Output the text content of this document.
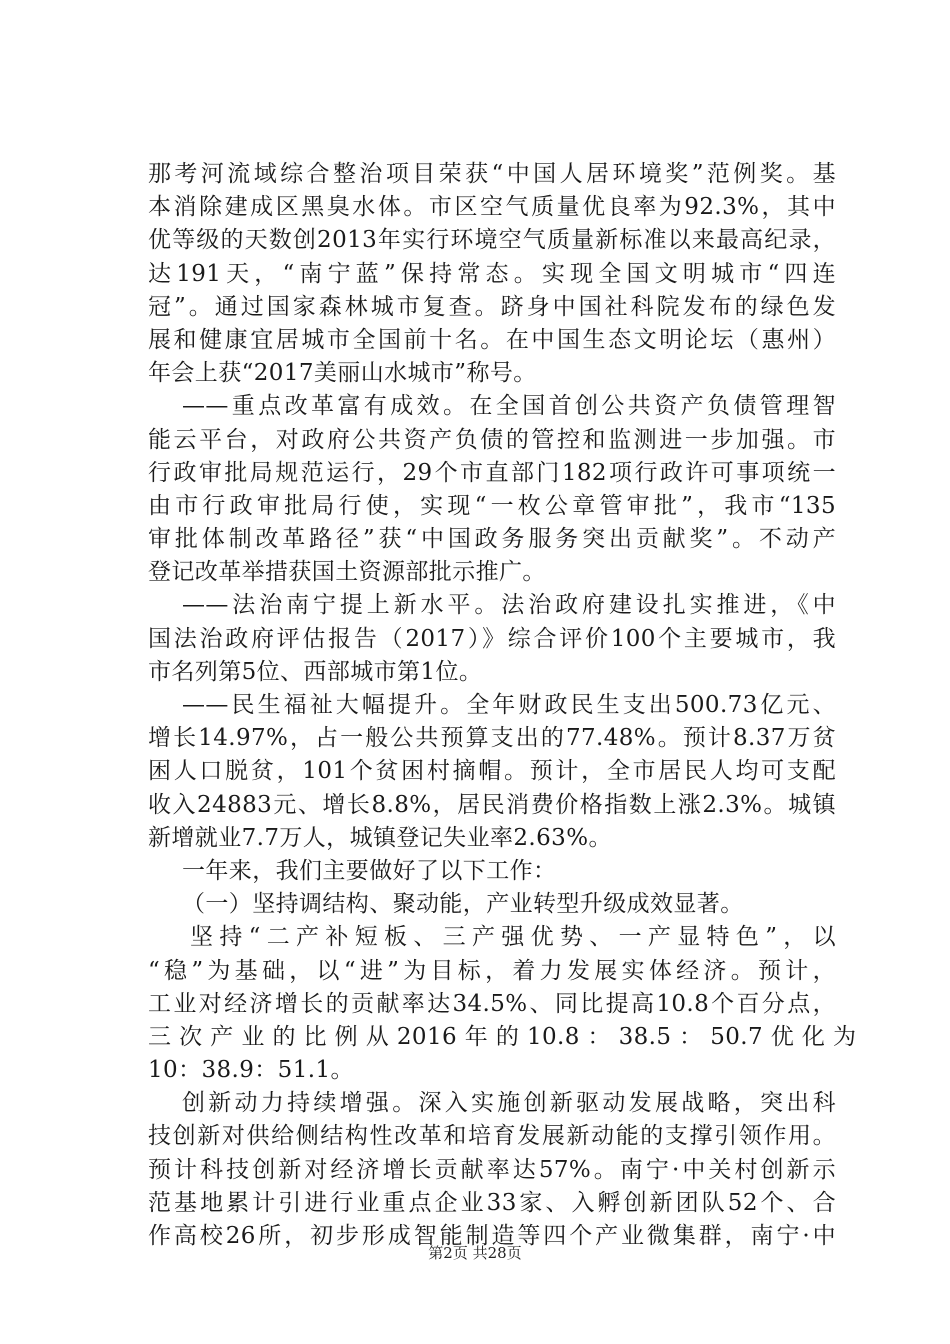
那考河流域综合整治项目荣获“中国人居环境奖”范例奖。基
本消除建成区黑臭水体。市区空气质量优良率为92.3%，其中
优等级的天数创2013年实行环境空气质量新标准以来最高纪录，
达191天，“南宁蓝”保持常态。实现全国文明城市“四连
冠”。通过国家森林城市复查。跻身中国社科院发布的绿色发
展和健康宜居城市全国前十名。在中国生态文明论坛（惠州）
年会上获“2017美丽山水城市”称号。
——重点改革富有成效。在全国首创公共资产负债管理智
能云平台，对政府公共资产负债的管控和监测进一步加强。市
行政审批局规范运行，29个市直部门182项行政许可事项统一
由市行政审批局行使，实现“一枚公章管审批”，我市“135
审批体制改革路径”获“中国政务服务突出贡献奖”。不动产
登记改革举措获国土资源部批示推广。
——法治南宁提上新水平。法治政府建设扎实推进，《中
国法治政府评估报告（2017）》综合评价100个主要城市，我
市名列第5位、西部城市第1位。
——民生福祉大幅提升。全年财政民生支出500.73亿元、
增长14.97%，占一般公共预算支出的77.48%。预计8.37万贫
困人口脱贫，101个贫困村摘帽。预计，全市居民人均可支配
收入24883元、增长8.8%，居民消费价格指数上涨2.3%。城镇
新增就业7.7万人，城镇登记失业率2.63%。
一年来，我们主要做好了以下工作：
（一）坚持调结构、聚动能，产业转型升级成效显著。
坚持“二产补短板、三产强优势、一产显特色”，以
“稳”为基础，以“进”为目标，着力发展实体经济。预计，
工业对经济增长的贡献率达34.5%、同比提高10.8个百分点，
三 次 产 业 的 比 例 从 2016 年 的 10.8 ： 38.5 ： 50.7 优 化 为
10：38.9：51.1。
创新动力持续增强。深入实施创新驱动发展战略，突出科
技创新对供给侧结构性改革和培育发展新动能的支撑引领作用。
预计科技创新对经济增长贡献率达57%。南宁·中关村创新示
范基地累计引进行业重点企业33家、入孵创新团队52个、合
作高校26所，初步形成智能制造等四个产业微集群，南宁·中
第2页 共28页
